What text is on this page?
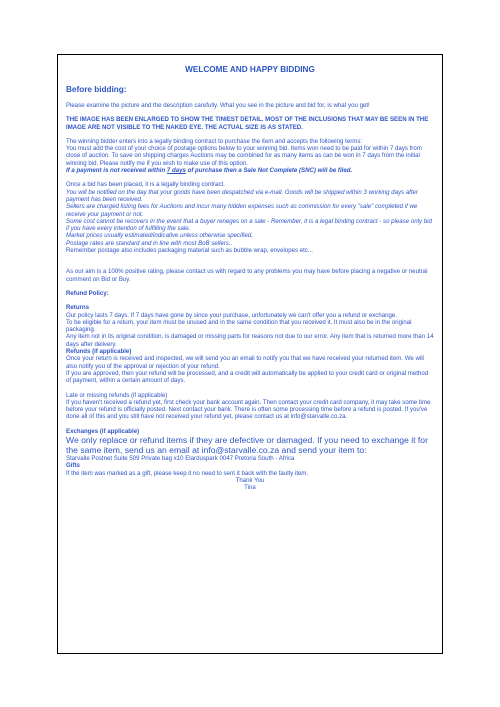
WELCOME AND HAPPY BIDDING
Before bidding:

Please examine the picture and the description carefully. What you see in the picture and bid for, is what you get!

THE IMAGE HAS BEEN ENLARGED TO SHOW THE TINIEST DETAIL. MOST OF THE INCLUSIONS THAT MAY BE SEEN IN THE IMAGE ARE NOT VISIBLE TO THE NAKED EYE. THE ACTUAL SIZE IS AS STATED.

The winning bidder enters into a legally binding contract to purchase the item and accepts the following terms:

You must add the cost of your choice of postage options below to your winning bid. Items won need to be paid for within 7 days from close of auction. To save on shipping charges Auctions may be combined for as many items as can be won in 7 days from the initial winning bid. Please notify me if you wish to make use of this option.

If a payment is not received within 7 days of purchase then a Sale Not Complete (SNC) will be filed.

Once a bid has been placed, it is a legally binding contract.

You will be notified on the day that your goods have been despatched via e-mail. Goods will be shipped within 3 working days after payment has been received.

Sellers are charged listing fees for Auctions and incur many hidden expenses such as commission for every "sale" completed if we receive your payment or not.

Some cost cannot be recovers in the event that a buyer reneges on a sale - Remember, it is a legal binding contract - so please only bid if you have every intention of fulfilling the sale.

Market prices usually estimated/indicative unless otherwise specified,

Postage rates are standard and in line with most BoB sellers..

Remember postage also includes packaging material such as bubble wrap, envelopes etc...

As our aim is a 100% positive rating, please contact us with regard to any problems you may have before placing a negative or neutral comment on Bid or Buy.

Refund Policy:

Returns

Our policy lasts 7 days. If 7 days have gone by since your purchase, unfortunately we can't offer you a refund or exchange.

To be eligible for a return, your item must be unused and in the same condition that you received it. It must also be in the original packaging.

Any item not in its original condition, is damaged or missing parts for reasons not due to our error. Any item that is returned more than 14 days after delivery.

Refunds (if applicable)

Once your return is received and inspected, we will send you an email to notify you that we have received your returned item. We will also notify you of the approval or rejection of your refund.

If you are approved, then your refund will be processed, and a credit will automatically be applied to your credit card or original method of payment, within a certain amount of days.

Late or missing refunds (if applicable)

If you haven't received a refund yet, first check your bank account again. Then contact your credit card company, it may take some time before your refund is officially posted. Next contact your bank. There is often some processing time before a refund is posted. If you've done all of this and you still have not received your refund yet, please contact us at info@starvalle.co.za.

Exchanges (if applicable)

We only replace or refund items if they are defective or damaged. If you need to exchange it for the same item, send us an email at info@starvalle.co.za and send your item to:

Starvalle Postnet Suite 509 Private bag x10 Elarduspark 0047 Pretoria South - Africa

Gifts

If the item was marked as a gift, please keep it no need to sent it back with the faulty item.

Thank You

Tina
